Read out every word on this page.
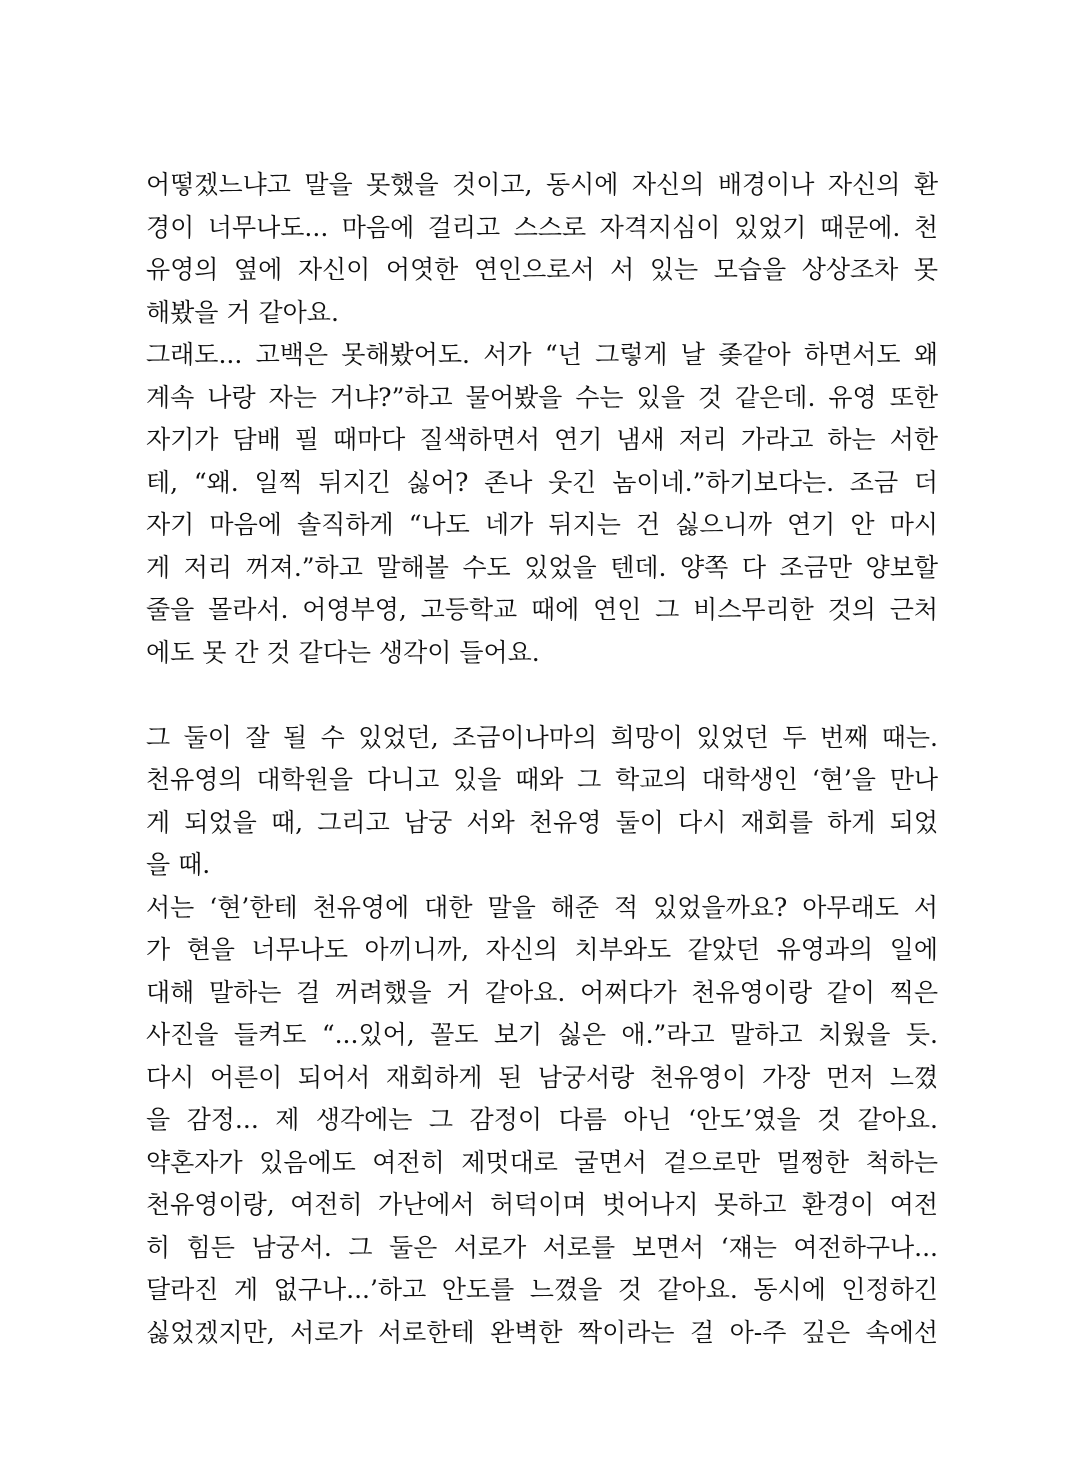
어떻겠느냐고 말을 못했을 것이고, 동시에 자신의 배경이나 자신의 환
경이 너무나도... 마음에 걸리고 스스로 자격지심이 있었기 때문에. 천
유영의 옆에 자신이 어엿한 연인으로서 서 있는 모습을 상상조차 못
해봤을 거 같아요.

그래도... 고백은 못해봤어도. 서가 “넌 그렇게 날 좆같아 하면서도 왜
계속 나랑 자는 거냐?”하고 물어봤을 수는 있을 것 같은데. 유영 또한
자기가 담배 필 때마다 질색하면서 연기 냄새 저리 가라고 하는 서한
테, “왜. 일찍 뒤지긴 싫어? 존나 웃긴 놈이네.”하기보다는. 조금 더
자기 마음에 솔직하게 “나도 네가 뒤지는 건 싫으니까 연기 안 마시
게 저리 꺼져.”하고 말해볼 수도 있었을 텐데. 양쪽 다 조금만 양보할
줄을 몰라서. 어영부영, 고등학교 때에 연인 그 비스무리한 것의 근처
에도 못 간 것 같다는 생각이 들어요.

그 둘이 잘 될 수 있었던, 조금이나마의 희망이 있었던 두 번째 때는.
천유영의 대학원을 다니고 있을 때와 그 학교의 대학생인 ‘현’을 만나
게 되었을 때, 그리고 남궁 서와 천유영 둘이 다시 재회를 하게 되었
을 때.

서는 ‘현’한테 천유영에 대한 말을 해준 적 있었을까요? 아무래도 서
가 현을 너무나도 아끼니까, 자신의 치부와도 같았던 유영과의 일에
대해 말하는 걸 꺼려했을 거 같아요. 어쩌다가 천유영이랑 같이 찍은
사진을 들켜도 “...있어, 꼴도 보기 싫은 애.”라고 말하고 치웠을 듯.
다시 어른이 되어서 재회하게 된 남궁서랑 천유영이 가장 먼저 느꼈
을 감정... 제 생각에는 그 감정이 다름 아닌 ‘안도’였을 것 같아요.
약혼자가 있음에도 여전히 제멋대로 굴면서 겉으로만 멀쩡한 척하는
천유영이랑, 여전히 가난에서 허덕이며 벗어나지 못하고 환경이 여전
히 힘든 남궁서. 그 둘은 서로가 서로를 보면서 ‘쟤는 여전하구나...
달라진 게 없구나...’하고 안도를 느꼈을 것 같아요. 동시에 인정하긴
싫었겠지만, 서로가 서로한테 완벽한 짝이라는 걸 아-주 깊은 속에선
